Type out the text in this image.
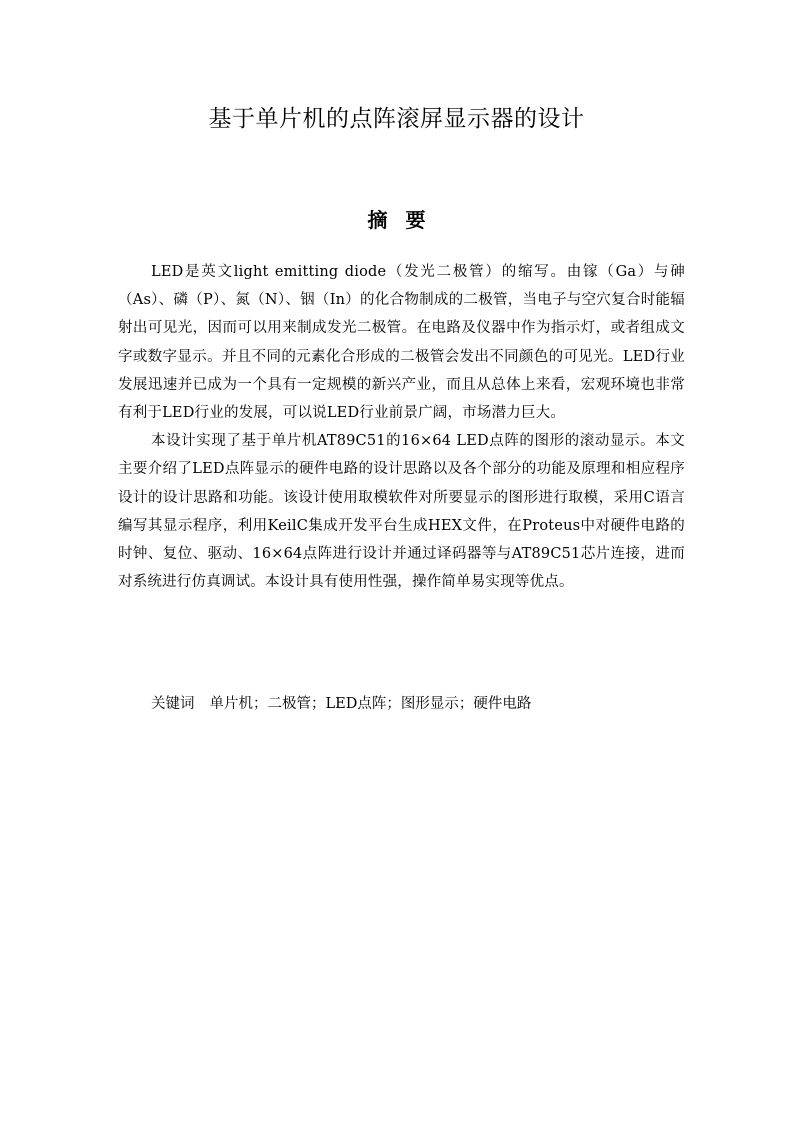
基于单片机的点阵滚屏显示器的设计
摘要

LED是英文light emitting diode（发光二极管）的缩写。由镓（Ga）与砷（As）、磷（P）、氮（N）、铟（In）的化合物制成的二极管，当电子与空穴复合时能辐射出可见光，因而可以用来制成发光二极管。在电路及仪器中作为指示灯，或者组成文字或数字显示。并且不同的元素化合形成的二极管会发出不同颜色的可见光。LED行业发展迅速并已成为一个具有一定规模的新兴产业，而且从总体上来看，宏观环境也非常有利于LED行业的发展，可以说LED行业前景广阔，市场潜力巨大。

本设计实现了基于单片机AT89C51的16×64 LED点阵的图形的滚动显示。本文主要介绍了LED点阵显示的硬件电路的设计思路以及各个部分的功能及原理和相应程序设计的设计思路和功能。该设计使用取模软件对所要显示的图形进行取模，采用C语言编写其显示程序，利用KeilC集成开发平台生成HEX文件，在Proteus中对硬件电路的时钟、复位、驱动、16×64点阵进行设计并通过译码器等与AT89C51芯片连接，进而对系统进行仿真调试。本设计具有使用性强，操作简单易实现等优点。

关键词 单片机；二极管；LED点阵；图形显示；硬件电路
